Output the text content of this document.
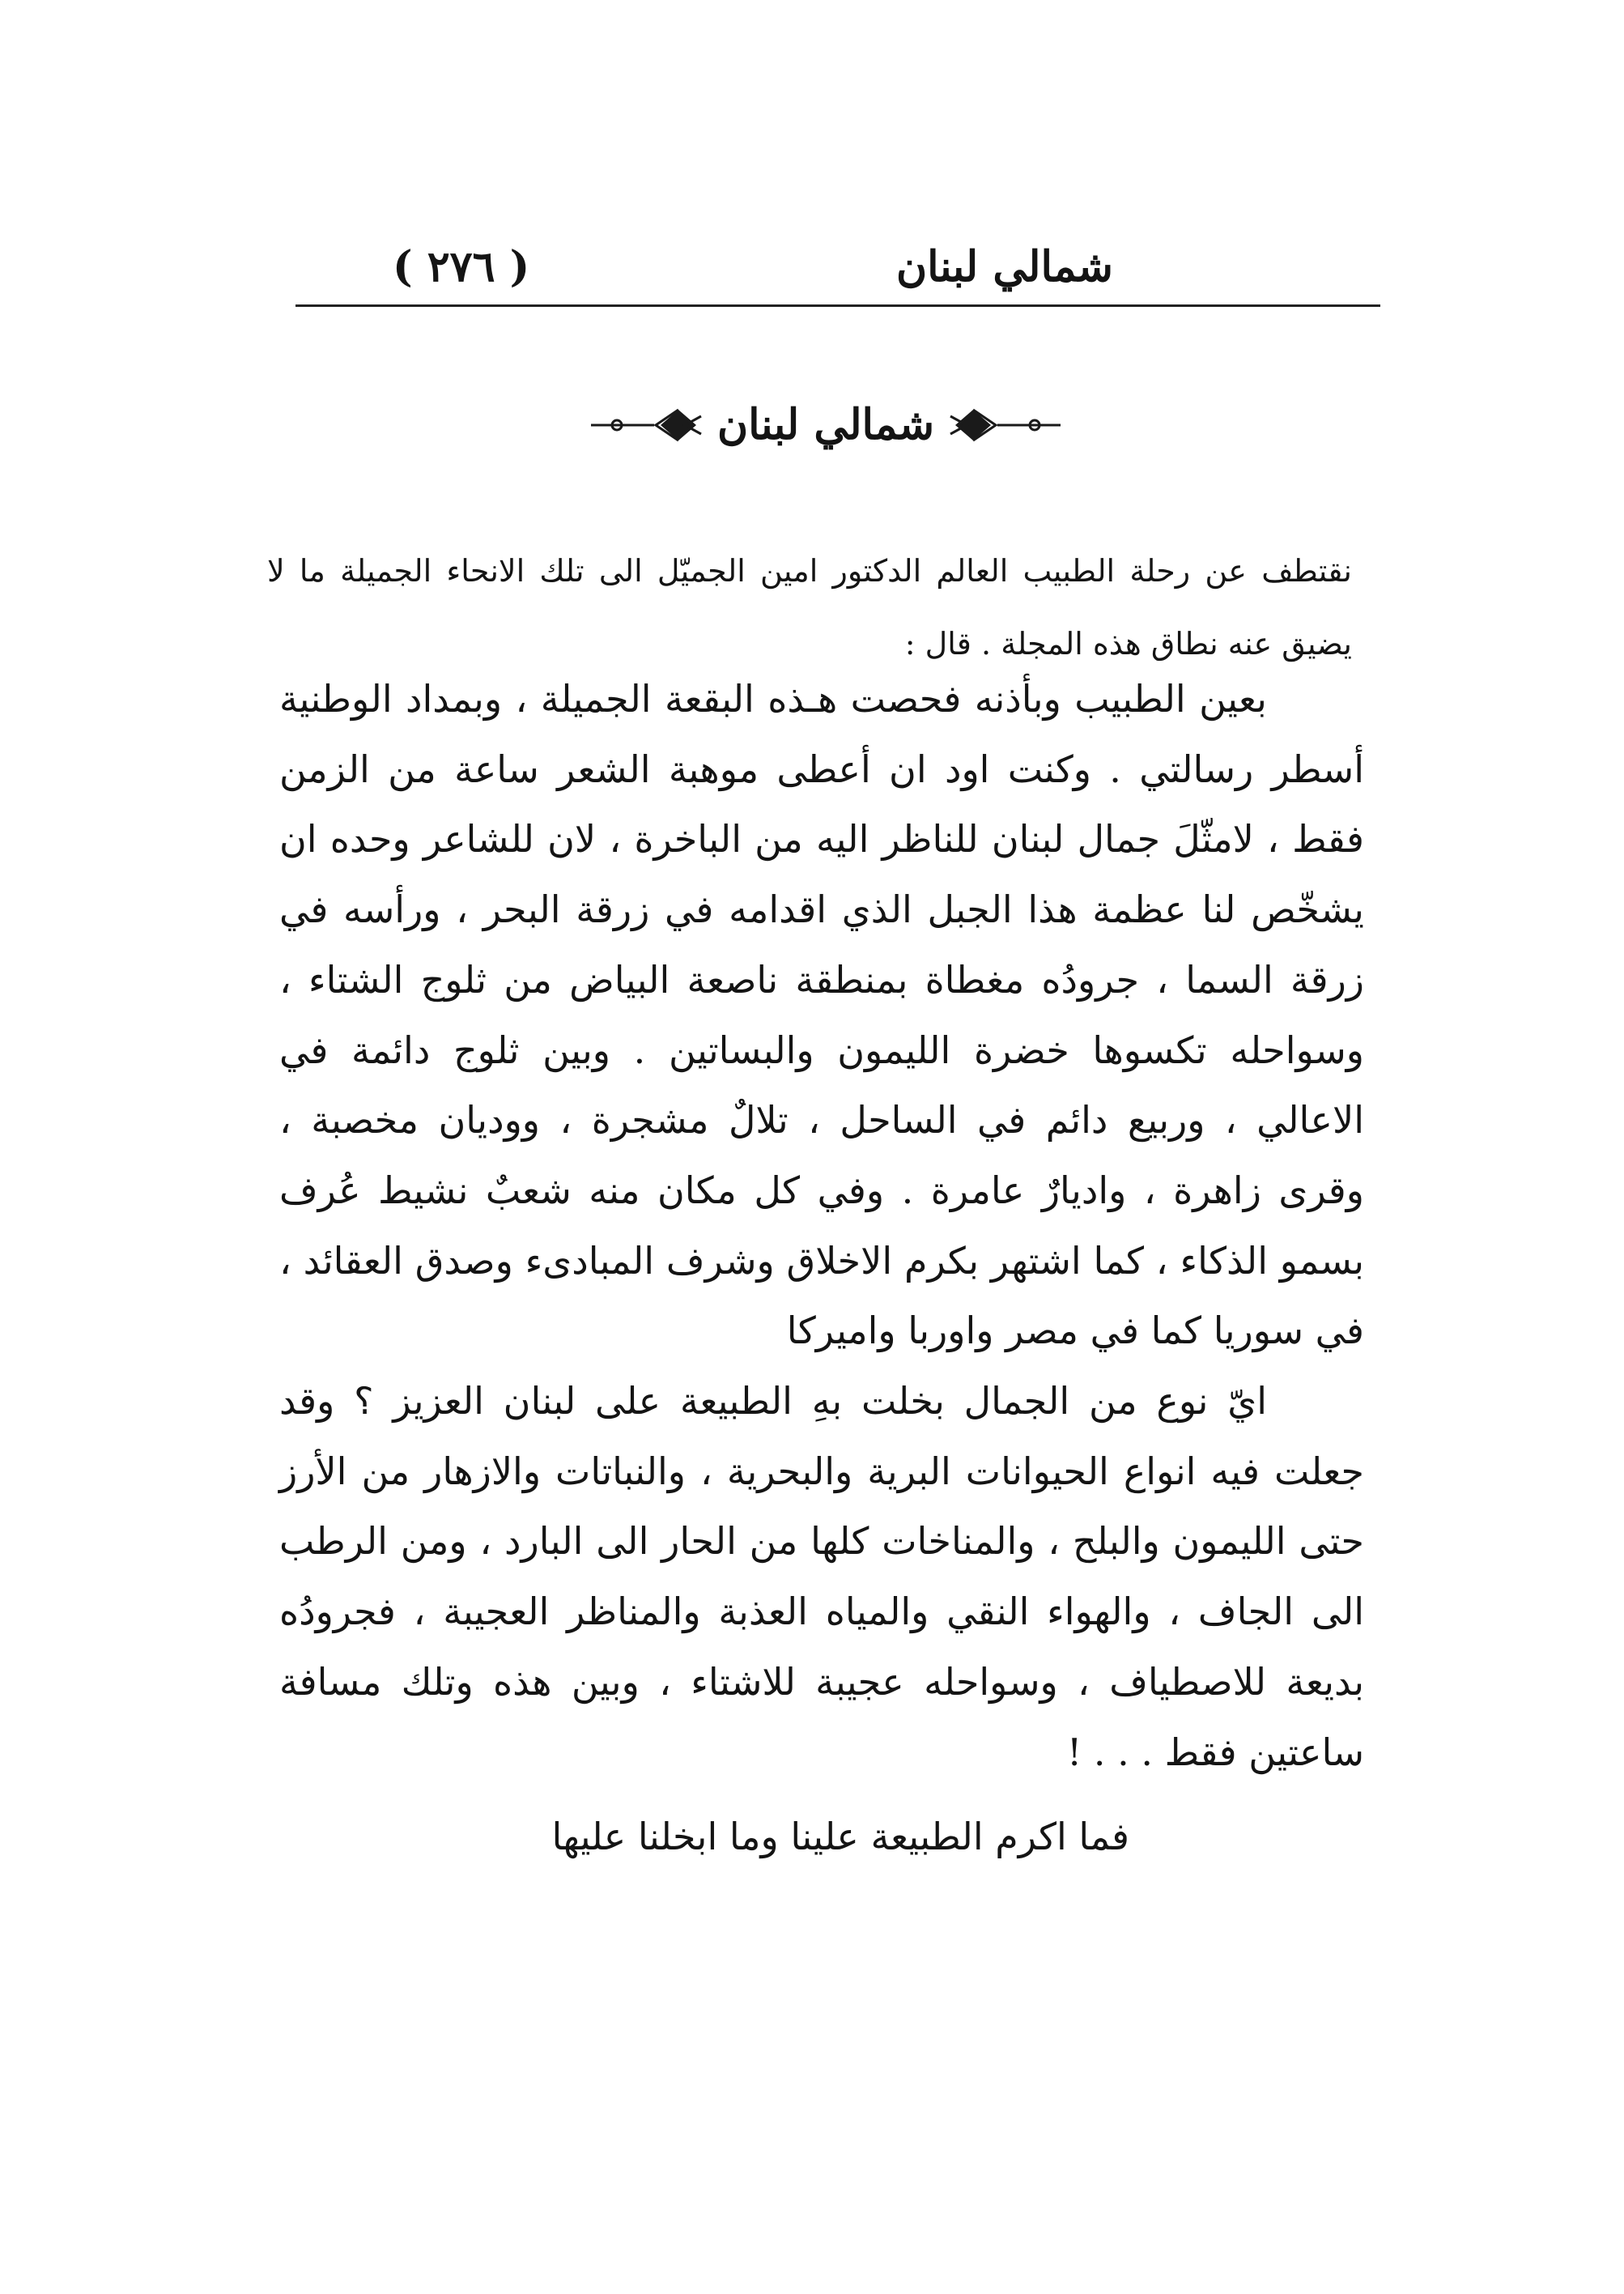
شمالي لبنان
( ٢٧٦ )
شمالي لبنان

نقتطف عن رحلة الطبيب العالم الدكتور امين الجميّل الى تلك الانحاء الجميلة ما لا يضيق عنه نطاق هذه المجلة . قال :

بعين الطبيب وبأذنه فحصت هـذه البقعة الجميلة ، وبمداد الوطنية أسطر رسالتي . وكنت اود ان أعطى موهبة الشعر ساعة من الزمن فقط ، لامثّلَ جمال لبنان للناظر اليه من الباخرة ، لان للشاعر وحده ان يشخّص لنا عظمة هذا الجبل الذي اقدامه في زرقة البحر ، ورأسه في زرقة السما ، جرودُه مغطاة بمنطقة ناصعة البياض من ثلوج الشتاء ، وسواحله تكسوها خضرة الليمون والبساتين . وبين ثلوج دائمة في الاعالي ، وربيع دائم في الساحل ، تلالٌ مشجرة ، ووديان مخصبة ، وقرى زاهرة ، واديارٌ عامرة . وفي كل مكان منه شعبٌ نشيط عُرف بسمو الذكاء ، كما اشتهر بكرم الاخلاق وشرف المبادىء وصدق العقائد ، في سوريا كما في مصر واوربا واميركا

ايّ نوع من الجمال بخلت بهِ الطبيعة على لبنان العزيز ؟ وقد جعلت فيه انواع الحيوانات البرية والبحرية ، والنباتات والازهار من الأرز حتى الليمون والبلح ، والمناخات كلها من الحار الى البارد ، ومن الرطب الى الجاف ، والهواء النقي والمياه العذبة والمناظر العجيبة ، فجرودُه بديعة للاصطياف ، وسواحله عجيبة للاشتاء ، وبين هذه وتلك مسافة ساعتين فقط . . . !

فما اكرم الطبيعة علينا وما ابخلنا عليها
